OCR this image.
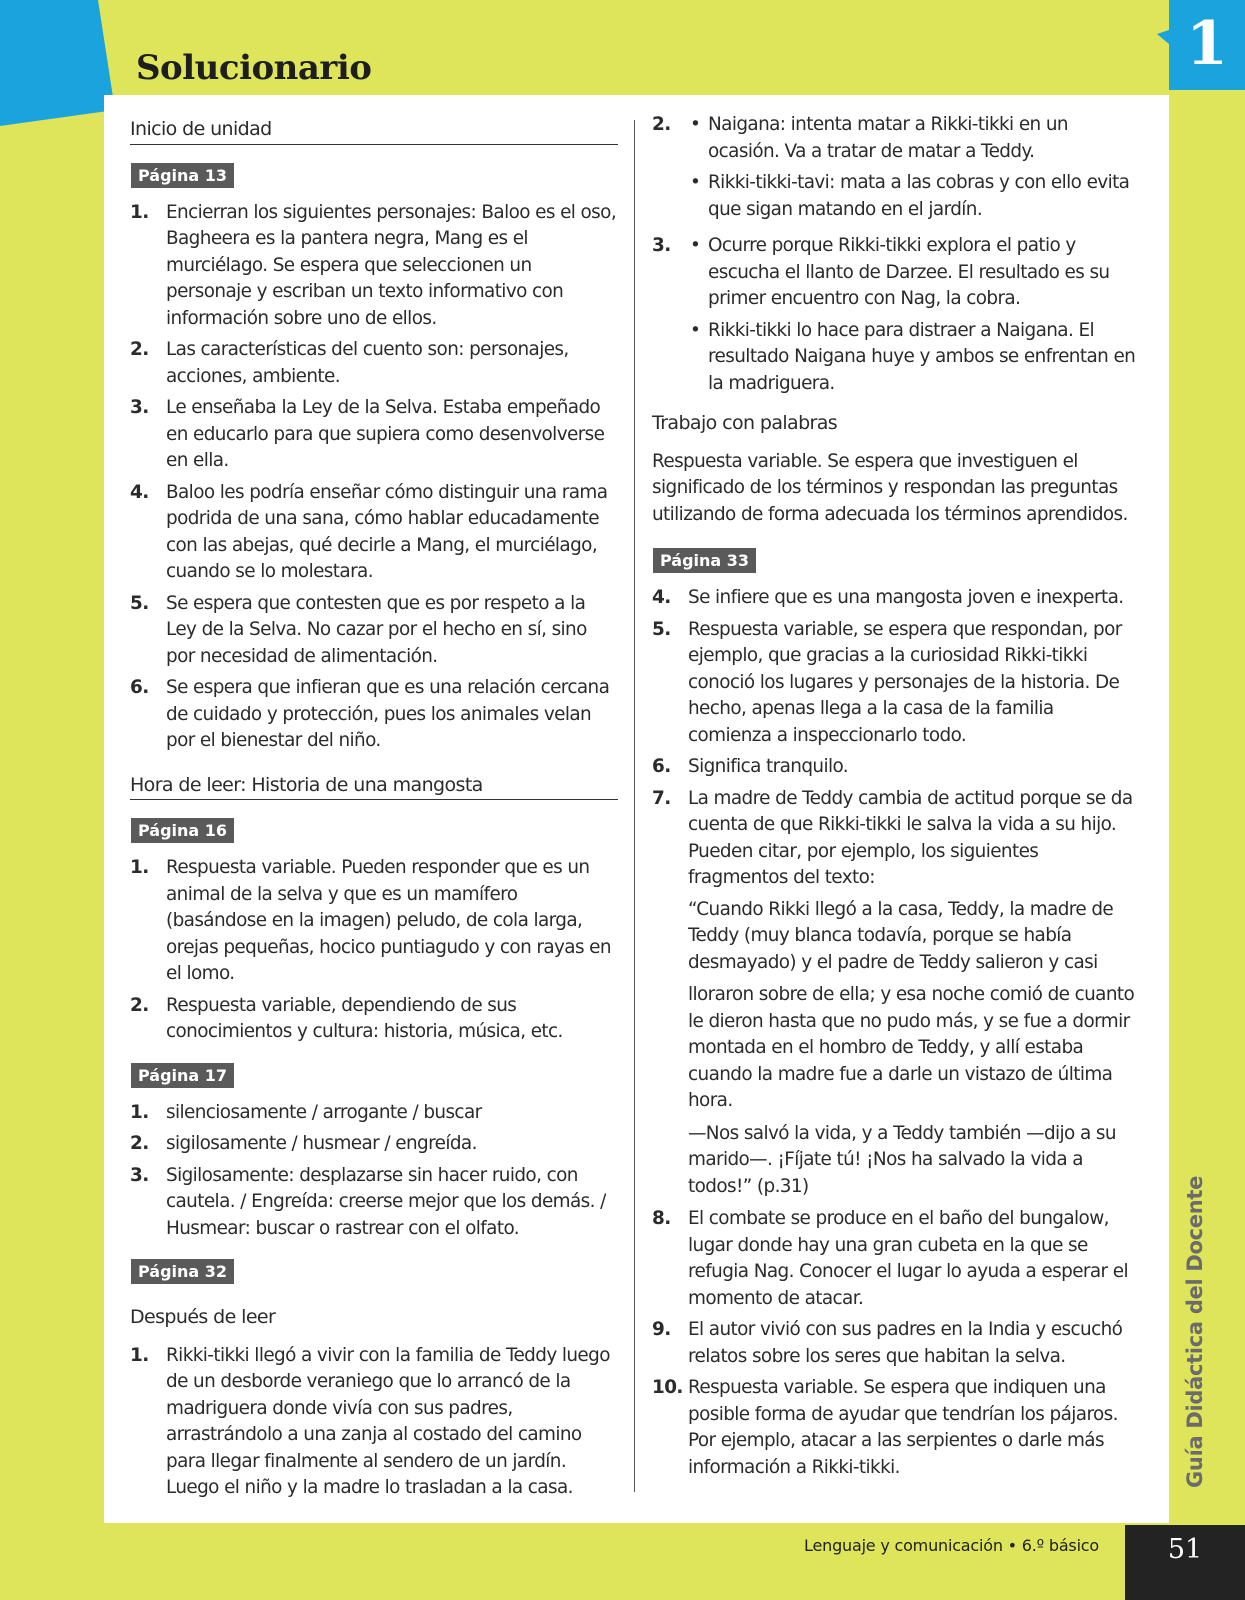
1
Solucionario
Inicio de unidad
Página 13
1. Encierran los siguientes personajes: Baloo es el oso, Bagheera es la pantera negra, Mang es el murciélago. Se espera que seleccionen un personaje y escriban un texto informativo con información sobre uno de ellos.
2. Las características del cuento son: personajes, acciones, ambiente.
3. Le enseñaba la Ley de la Selva. Estaba empeñado en educarlo para que supiera como desenvolverse en ella.
4. Baloo les podría enseñar cómo distinguir una rama podrida de una sana, cómo hablar educadamente con las abejas, qué decirle a Mang, el murciélago, cuando se lo molestara.
5. Se espera que contesten que es por respeto a la Ley de la Selva. No cazar por el hecho en sí, sino por necesidad de alimentación.
6. Se espera que infieran que es una relación cercana de cuidado y protección, pues los animales velan por el bienestar del niño.
Hora de leer: Historia de una mangosta
Página 16
1. Respuesta variable. Pueden responder que es un animal de la selva y que es un mamífero (basándose en la imagen) peludo, de cola larga, orejas pequeñas, hocico puntiagudo y con rayas en el lomo.
2. Respuesta variable, dependiendo de sus conocimientos y cultura: historia, música, etc.
Página 17
1. silenciosamente / arrogante / buscar
2. sigilosamente / husmear / engreída.
3. Sigilosamente: desplazarse sin hacer ruido, con cautela. / Engreída: creerse mejor que los demás. / Husmear: buscar o rastrear con el olfato.
Página 32
Después de leer
1. Rikki-tikki llegó a vivir con la familia de Teddy luego de un desborde veraniego que lo arrancó de la madriguera donde vivía con sus padres, arrastrándolo a una zanja al costado del camino para llegar finalmente al sendero de un jardín. Luego el niño y la madre lo trasladan a la casa.
2.	• Naigana: intenta matar a Rikki-tikki en un ocasión. Va a tratar de matar a Teddy.
• Rikki-tikki-tavi: mata a las cobras y con ello evita que sigan matando en el jardín.
3.	• Ocurre porque Rikki-tikki explora el patio y escucha el llanto de Darzee. El resultado es su primer encuentro con Nag, la cobra.
• Rikki-tikki lo hace para distraer a Naigana. El resultado Naigana huye y ambos se enfrentan en la madriguera.
Trabajo con palabras

Respuesta variable. Se espera que investiguen el significado de los términos y respondan las preguntas utilizando de forma adecuada los términos aprendidos.

Página 33
4. Se infiere que es una mangosta joven e inexperta.
5. Respuesta variable, se espera que respondan, por ejemplo, que gracias a la curiosidad Rikki-tikki conoció los lugares y personajes de la historia. De hecho, apenas llega a la casa de la familia comienza a inspeccionarlo todo.
6. Significa tranquilo.
7. La madre de Teddy cambia de actitud porque se da cuenta de que Rikki-tikki le salva la vida a su hijo. Pueden citar, por ejemplo, los siguientes fragmentos del texto:
“Cuando Rikki llegó a la casa, Teddy, la madre de Teddy (muy blanca todavía, porque se había desmayado) y el padre de Teddy salieron y casi
lloraron sobre de ella; y esa noche comió de cuanto le dieron hasta que no pudo más, y se fue a dormir montada en el hombro de Teddy, y allí estaba cuando la madre fue a darle un vistazo de última hora.
—Nos salvó la vida, y a Teddy también —dijo a su marido—. ¡Fíjate tú! ¡Nos ha salvado la vida a todos!” (p.31)
8. El combate se produce en el baño del bungalow, lugar donde hay una gran cubeta en la que se refugia Nag. Conocer el lugar lo ayuda a esperar el momento de atacar.
9. El autor vivió con sus padres en la India y escuchó relatos sobre los seres que habitan la selva.
10. Respuesta variable. Se espera que indiquen una posible forma de ayudar que tendrían los pájaros. Por ejemplo, atacar a las serpientes o darle más información a Rikki-tikki.	Guía Didáctica del Docente
Lenguaje y comunicación • 6.º básico	51
